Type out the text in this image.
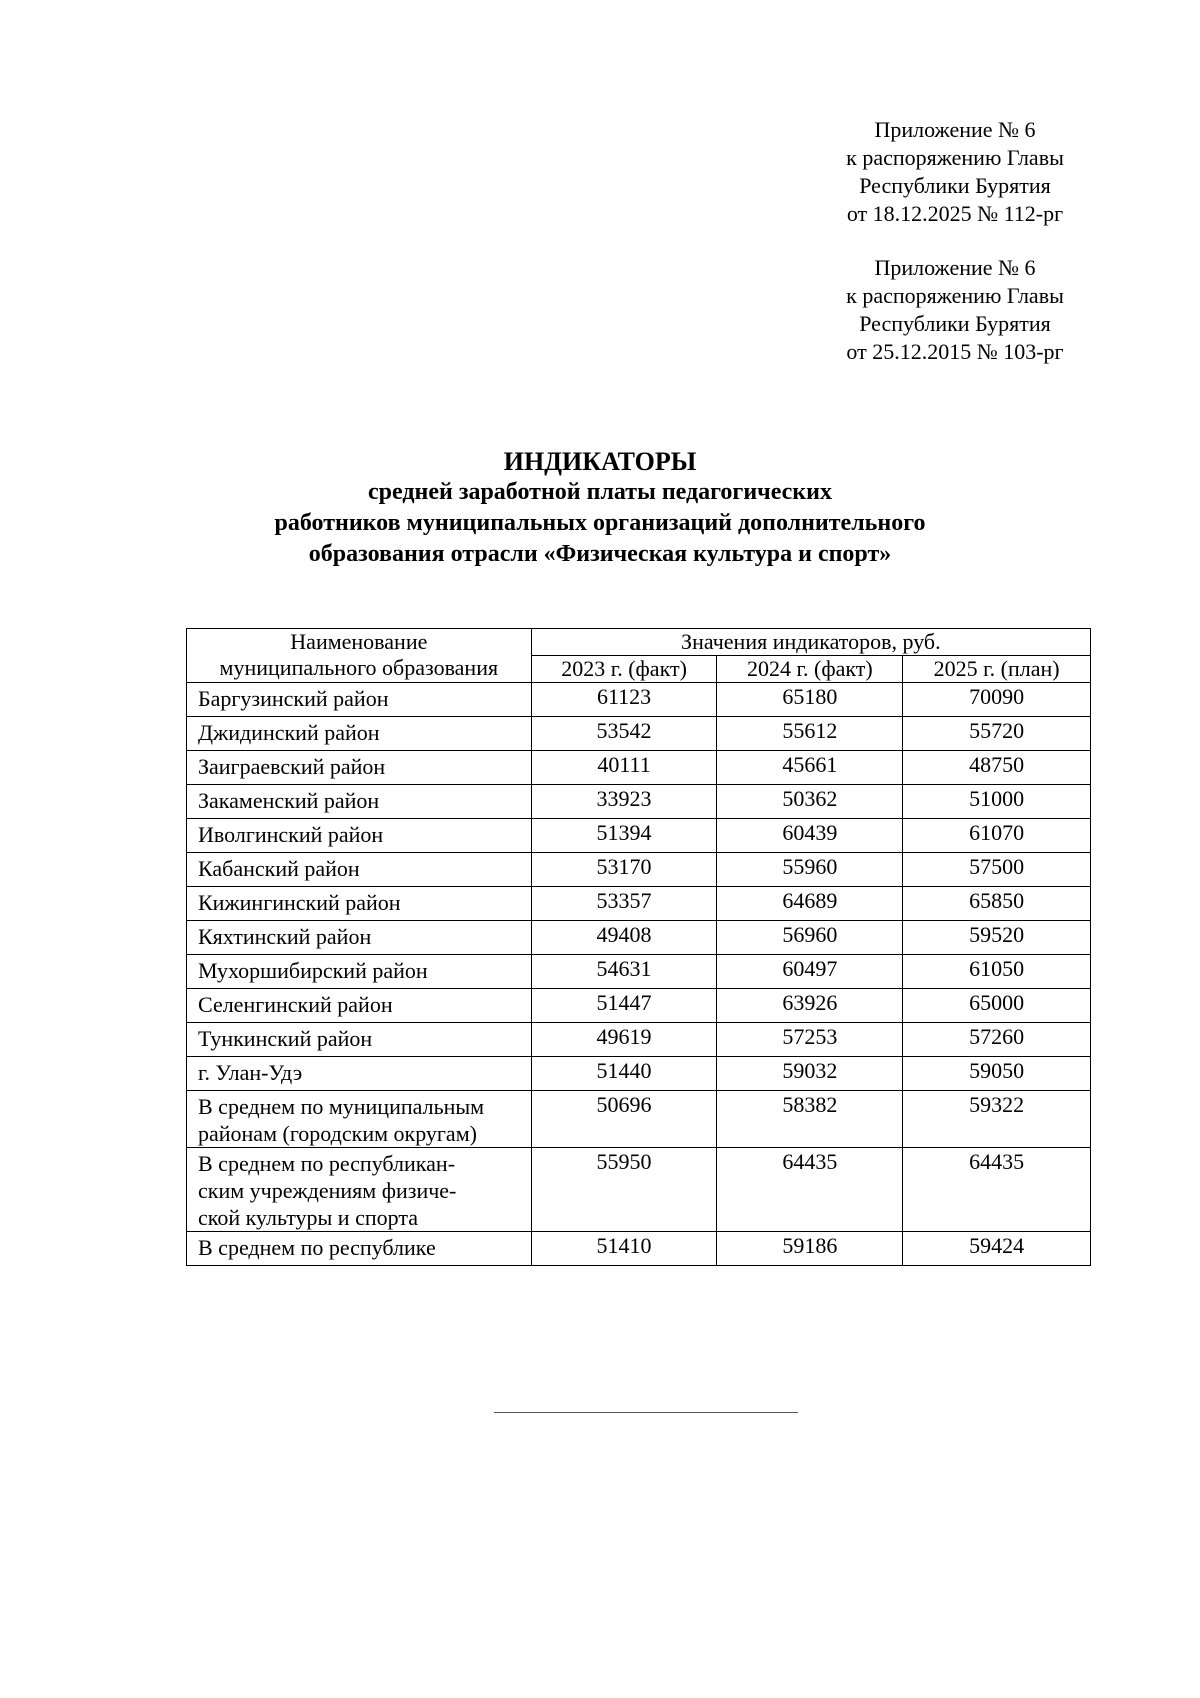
Приложение № 6
к распоряжению Главы
Республики Бурятия
от 18.12.2025 № 112-рг
Приложение № 6
к распоряжению Главы
Республики Бурятия
от 25.12.2015 № 103-рг
ИНДИКАТОРЫ
средней заработной платы педагогических
работников муниципальных организаций дополнительного
образования отрасли «Физическая культура и спорт»
Наименование
муниципального образования	Значения индикаторов, руб.		
	2023 г. (факт)	2024 г. (факт)	2025 г. (план)

Баргузинский район	61123	65180	70090

Джидинский район	53542	55612	55720

Заиграевский район	40111	45661	48750

Закаменский район	33923	50362	51000

Иволгинский район	51394	60439	61070

Кабанский район	53170	55960	57500

Кижингинский район	53357	64689	65850

Кяхтинский район	49408	56960	59520

Мухоршибирский район	54631	60497	61050

Селенгинский район	51447	63926	65000

Тункинский район	49619	57253	57260

г. Улан-Удэ	51440	59032	59050

В среднем по муниципальным
районам (городским округам)	50696	58382	59322

В среднем по республикан-
ским учреждениям физиче-
ской культуры и спорта	55950	64435	64435

В среднем по республике	51410	59186	59424
